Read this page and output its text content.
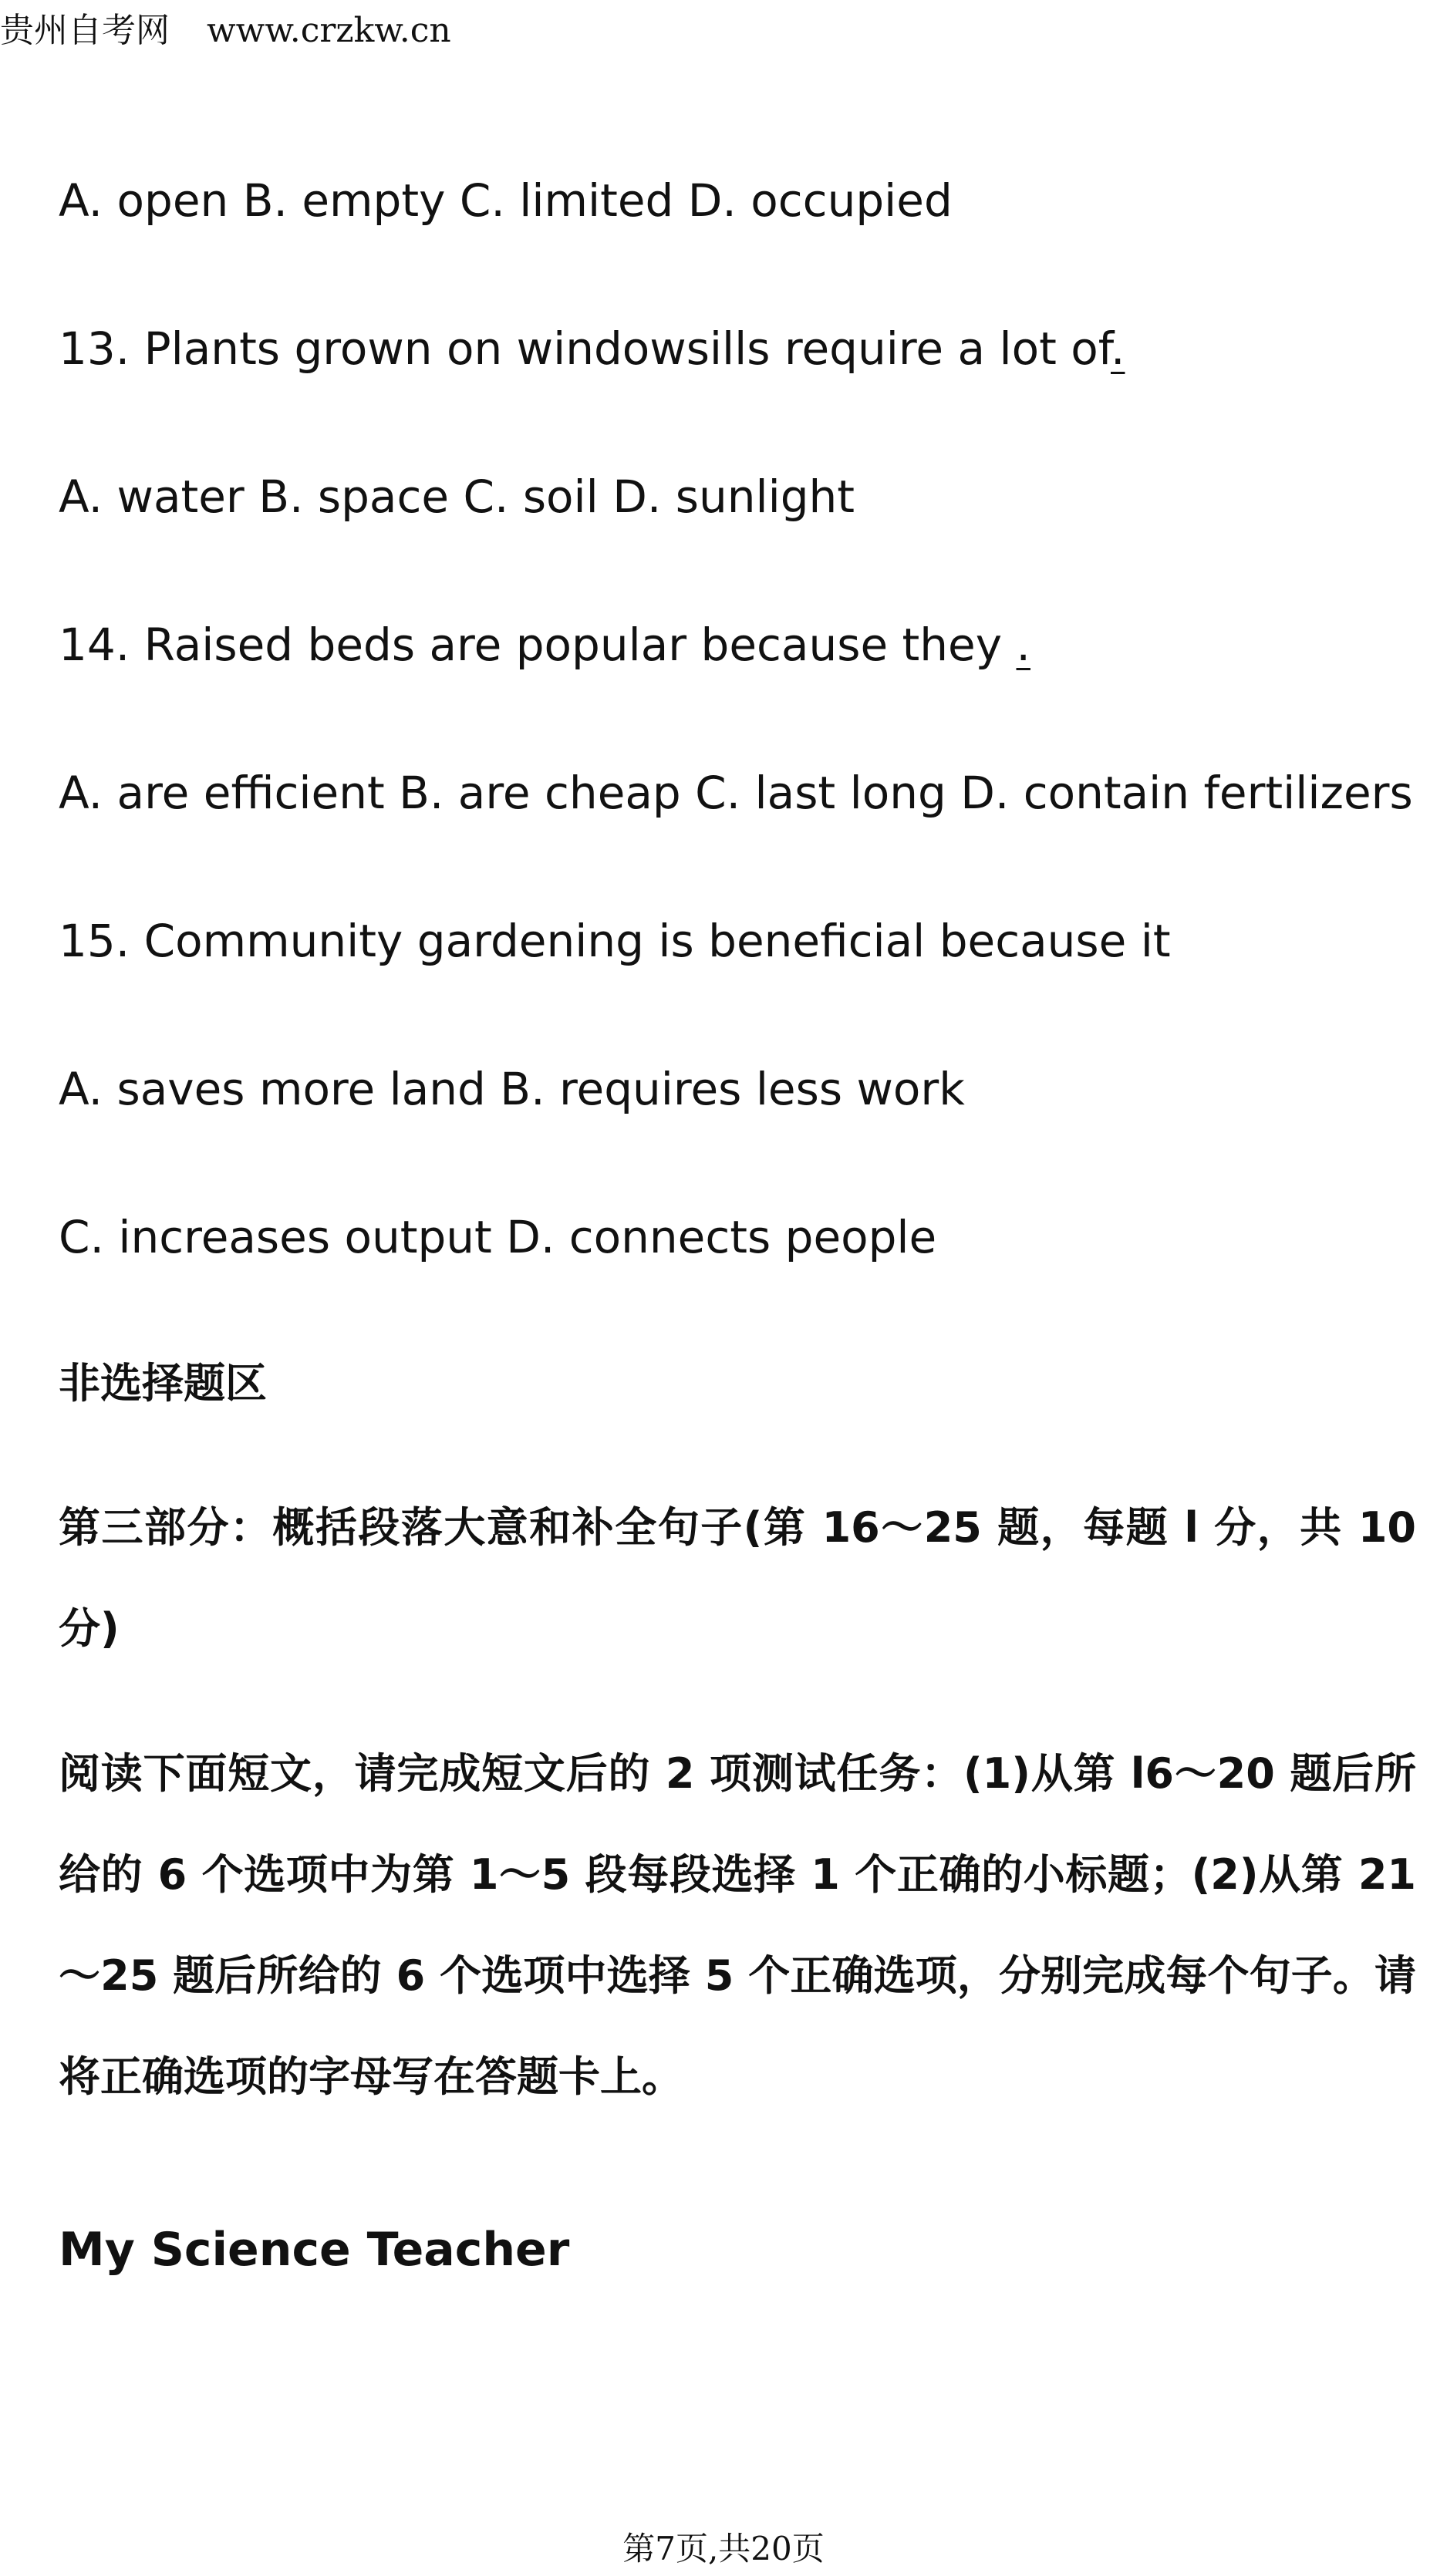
贵州自考网 www.crzkw.cn
A. open B. empty C. limited D. occupied
13. Plants grown on windowsills require a lot of.
A. water B. space C. soil D. sunlight
14. Raised beds are popular because they .
A. are efficient B. are cheap C. last long D. contain fertilizers
15. Community gardening is beneficial because it
A. saves more land B. requires less work
C. increases output D. connects people
非选择题区
第三部分：概括段落大意和补全句子(第 16～25 题，每题 l 分，共 10 分)
阅读下面短文，请完成短文后的 2 项测试任务：(1)从第 l6～20 题后所给的 6 个选项中为第 1～5 段每段选择 1 个正确的小标题；(2)从第 21～25 题后所给的 6 个选项中选择 5 个正确选项，分别完成每个句子。请将正确选项的字母写在答题卡上。
My Science Teacher
第7页,共20页
